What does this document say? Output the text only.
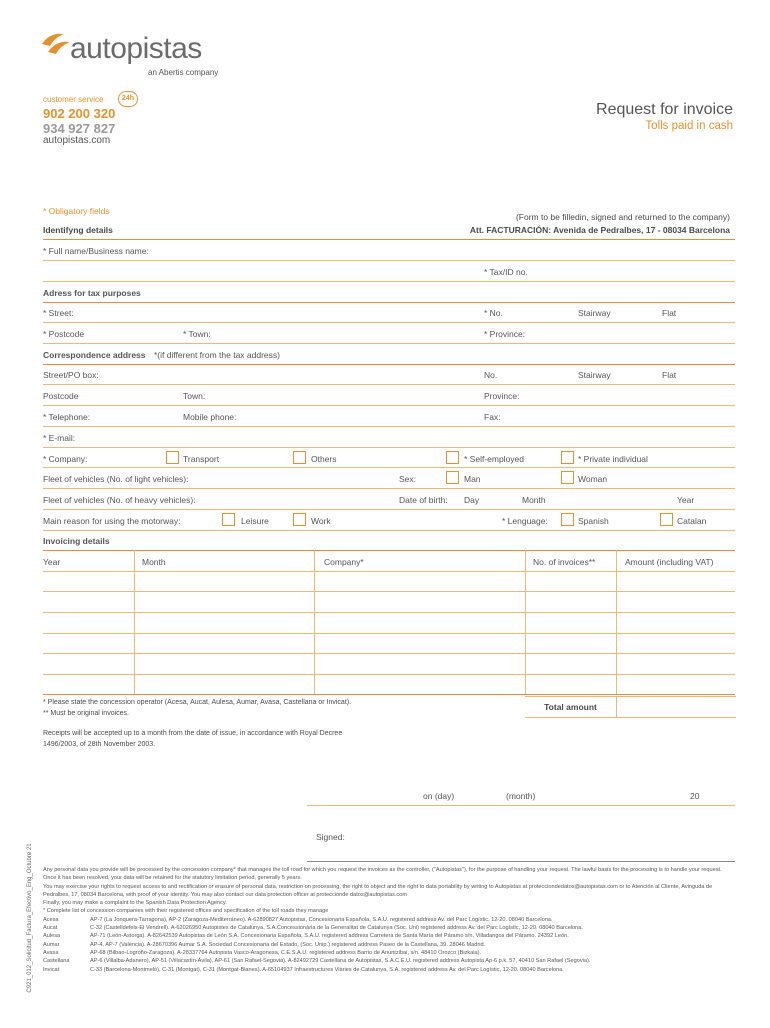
autopistas
an Abertis company
customer service	24h
902 200 320
934 927 827
autopistas.com
Request for invoice
Tolls paid in cash
* Obligatory fields
Identifyng details
(Form to be filledin, signed and returned to the company)
Att. FACTURACIÓN: Avenida de Pedralbes, 17 - 08034 Barcelona
* Full name/Business name:
* Tax/ID no.
Adress for tax purposes
* Street:	* No.	Stairway	Flat
* Postcode	* Town:	* Province:
Correspondence address *(if different from the tax address)
Street/PO box:	No.	Stairway	Flat
Postcode	Town:	Province:
* Telephone:	Mobile phone:	Fax:
* E-mail:
* Company:	Transport	Others	* Self-employed	* Private individual
Fleet of vehicles (No. of light vehicles):	Sex:	Man	Woman
Fleet of vehicles (No. of heavy vehicles):	Date of birth: Day	Month	Year
Main reason for using the motorway:	Leisure	Work	* Lenguage:	Spanish	Catalan
Invoicing details
Year	Month	Company*	No. of invoices**	Amount (including VAT)
* Please state the concession operator (Acesa, Aucat, Aulesa, Aumar, Avasa, Castellana or Invicat).
** Must be original invoices.
Total amount
Receipts will be accepted up to a month from the date of issue, in accordance with Royal Decree
1496/2003, of 28th November 2003.
on (day)	(month)	20
Signed:
C921_012_Solicitud_Factura_Efectivo_Eng_Octubre 21 Any personal data you provide will be processed by the concession company* that manages the toll road for which you request the invoices as the controller, ("Autopistas"), for the purpose of handling your request. The lawful basis for the processing is to handle your request. Once it has been resolved, your data will be retained for the statutory limitation period, generally 5 years.
You may exercise your rights to request access to and rectification or erasure of personal data, restriction on processing, the right to object and the right to data portability by writing to Autopistas at protecciondedatos@autopistas.com or to Atención al Cliente, Avinguda de Pedralbes, 17, 08034 Barcelona, with proof of your identity. You may also contact our data protection officer at proteccionde datos@autopistas.com
Finally, you may make a complaint to the Spanish Data Protection Agency.
* Complete list of concession companies with their registered offices and specification of the toll roads they manage
Acesa	AP-7 (La Jonquera-Tarragona), AP-2 (Zaragoza-Mediterráneo). A-62890827 Autopistas, Concesionaria Española, S.A.U. registered address Av. del Parc Logístic, 12-20. 08040 Barcelona.
Aucat	C-32 (Castelldefels-El Vendrell). A-62026950 Autopistes de Catalunya, S.A.Concessionària de la Generalitat de Catalunya (Soc. Uni) registered address Av. del Parc Logístic, 12-20. 08040 Barcelona.
Aulesa	AP-71 (León-Astorga). A-82642539 Autopistas de León S.A. Concesionaria Española, S.A.U. registered address Carretera de Santa María del Páramo s/n, Villadangos del Páramo. 24392 León.
Aumar	AP-4, AP-7 (Valencia). A-28670396 Aumar S.A. Sociedad Concesionaria del Estado, (Soc. Unip.) registered address Paseo de la Castellana, 39. 28046 Madrid.
Avasa	AP-68 (Bilbao-Logroño-Zaragoza). A-28337764 Autopista Vasco-Aragonesa, C.E.S.A.U. registered address Barrio de Anuntzibai, s/n. 48410 Orozco (Bizkaia).
Castellana	AP-6 (Villalba-Adanero), AP-51 (Villacastín-Ávila), AP-61 (San Rafael-Segovia). A-82492729 Castellana de Autopistas, S.A.C.E.U. registered address Autopista Ap-6 p.k. 57, 40410 San Rafael (Segovia).
Invicat	C-33 (Barcelona-Montmeló), C-31 (Montgat), C-31 (Montgat-Blanes). A-65104937 Infraestructures Viàries de Catalunya, S.A. registered address Av. del Parc Logístic, 12-20. 08040 Barcelona.
